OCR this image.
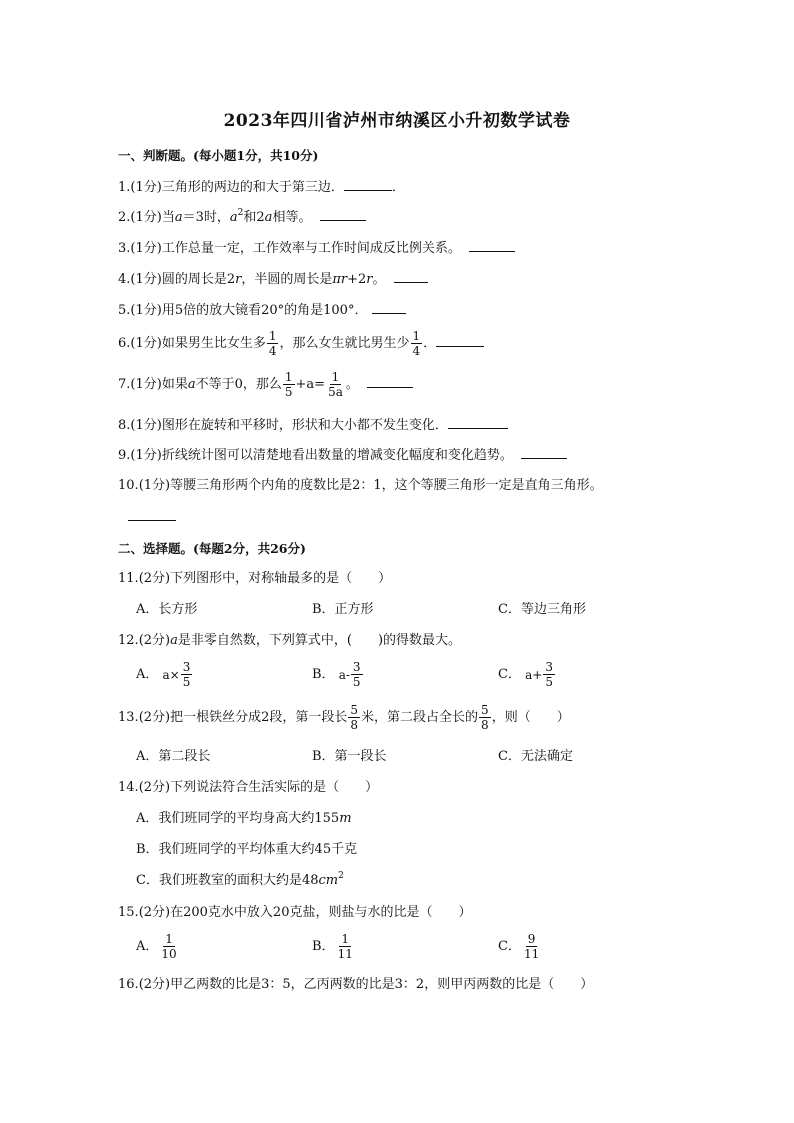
2023年四川省泸州市纳溪区小升初数学试卷
一、判断题。(每小题1分，共10分)
1.(1分)三角形的两边的和大于第三边．	．
2.(1分)当a＝3时，$a^2$和2a相等。
3.(1分)工作总量一定，工作效率与工作时间成反比例关系。
4.(1分)圆的周长是2r，半圆的周长是πr+2r。
5.(1分)用5倍的放大镜看20°的角是100°．
6.(1分)如果男生比女生多 $\frac{1}{4}$ ，那么女生就比男生少 $\frac{1}{4}$ ．
7.(1分)如果a不等于0，那么 $\frac{1}{5} +a= \frac{1}{5a}$ 。
8.(1分)图形在旋转和平移时，形状和大小都不发生变化．
9.(1分)折线统计图可以清楚地看出数量的增减变化幅度和变化趋势。
10.(1分)等腰三角形两个内角的度数比是2：1，这个等腰三角形一定是直角三角形。
二、选择题。(每题2分，共26分)
11.(2分)下列图形中，对称轴最多的是（　　）
A．长方形	B．正方形	C．等边三角形
12.(2分)a是非零自然数，下列算式中，(　　)的得数最大。
A．
$a\times \frac{3}{5}$	B．
$a- \frac{3}{5}$	C．
$a+ \frac{3}{5}$
13.(2分)把一根铁丝分成2段，第一段长 $\frac{5}{8}$ 米，第二段占全长的 $\frac{5}{8}$ ，则（　　）
A．第二段长	B．第一段长	C．无法确定
14.(2分)下列说法符合生活实际的是（　　）
A．我们班同学的平均身高大约155m
B．我们班同学的平均体重大约45千克
C．我们班教室的面积大约是$48cm^2$
15.(2分)在200克水中放入20克盐，则盐与水的比是（　　）
A． $\frac{1}{10}$	B． $\frac{1}{11}$	C． $\frac{9}{11}$
16.(2分)甲乙两数的比是3：5，乙丙两数的比是3：2，则甲丙两数的比是（　　）
